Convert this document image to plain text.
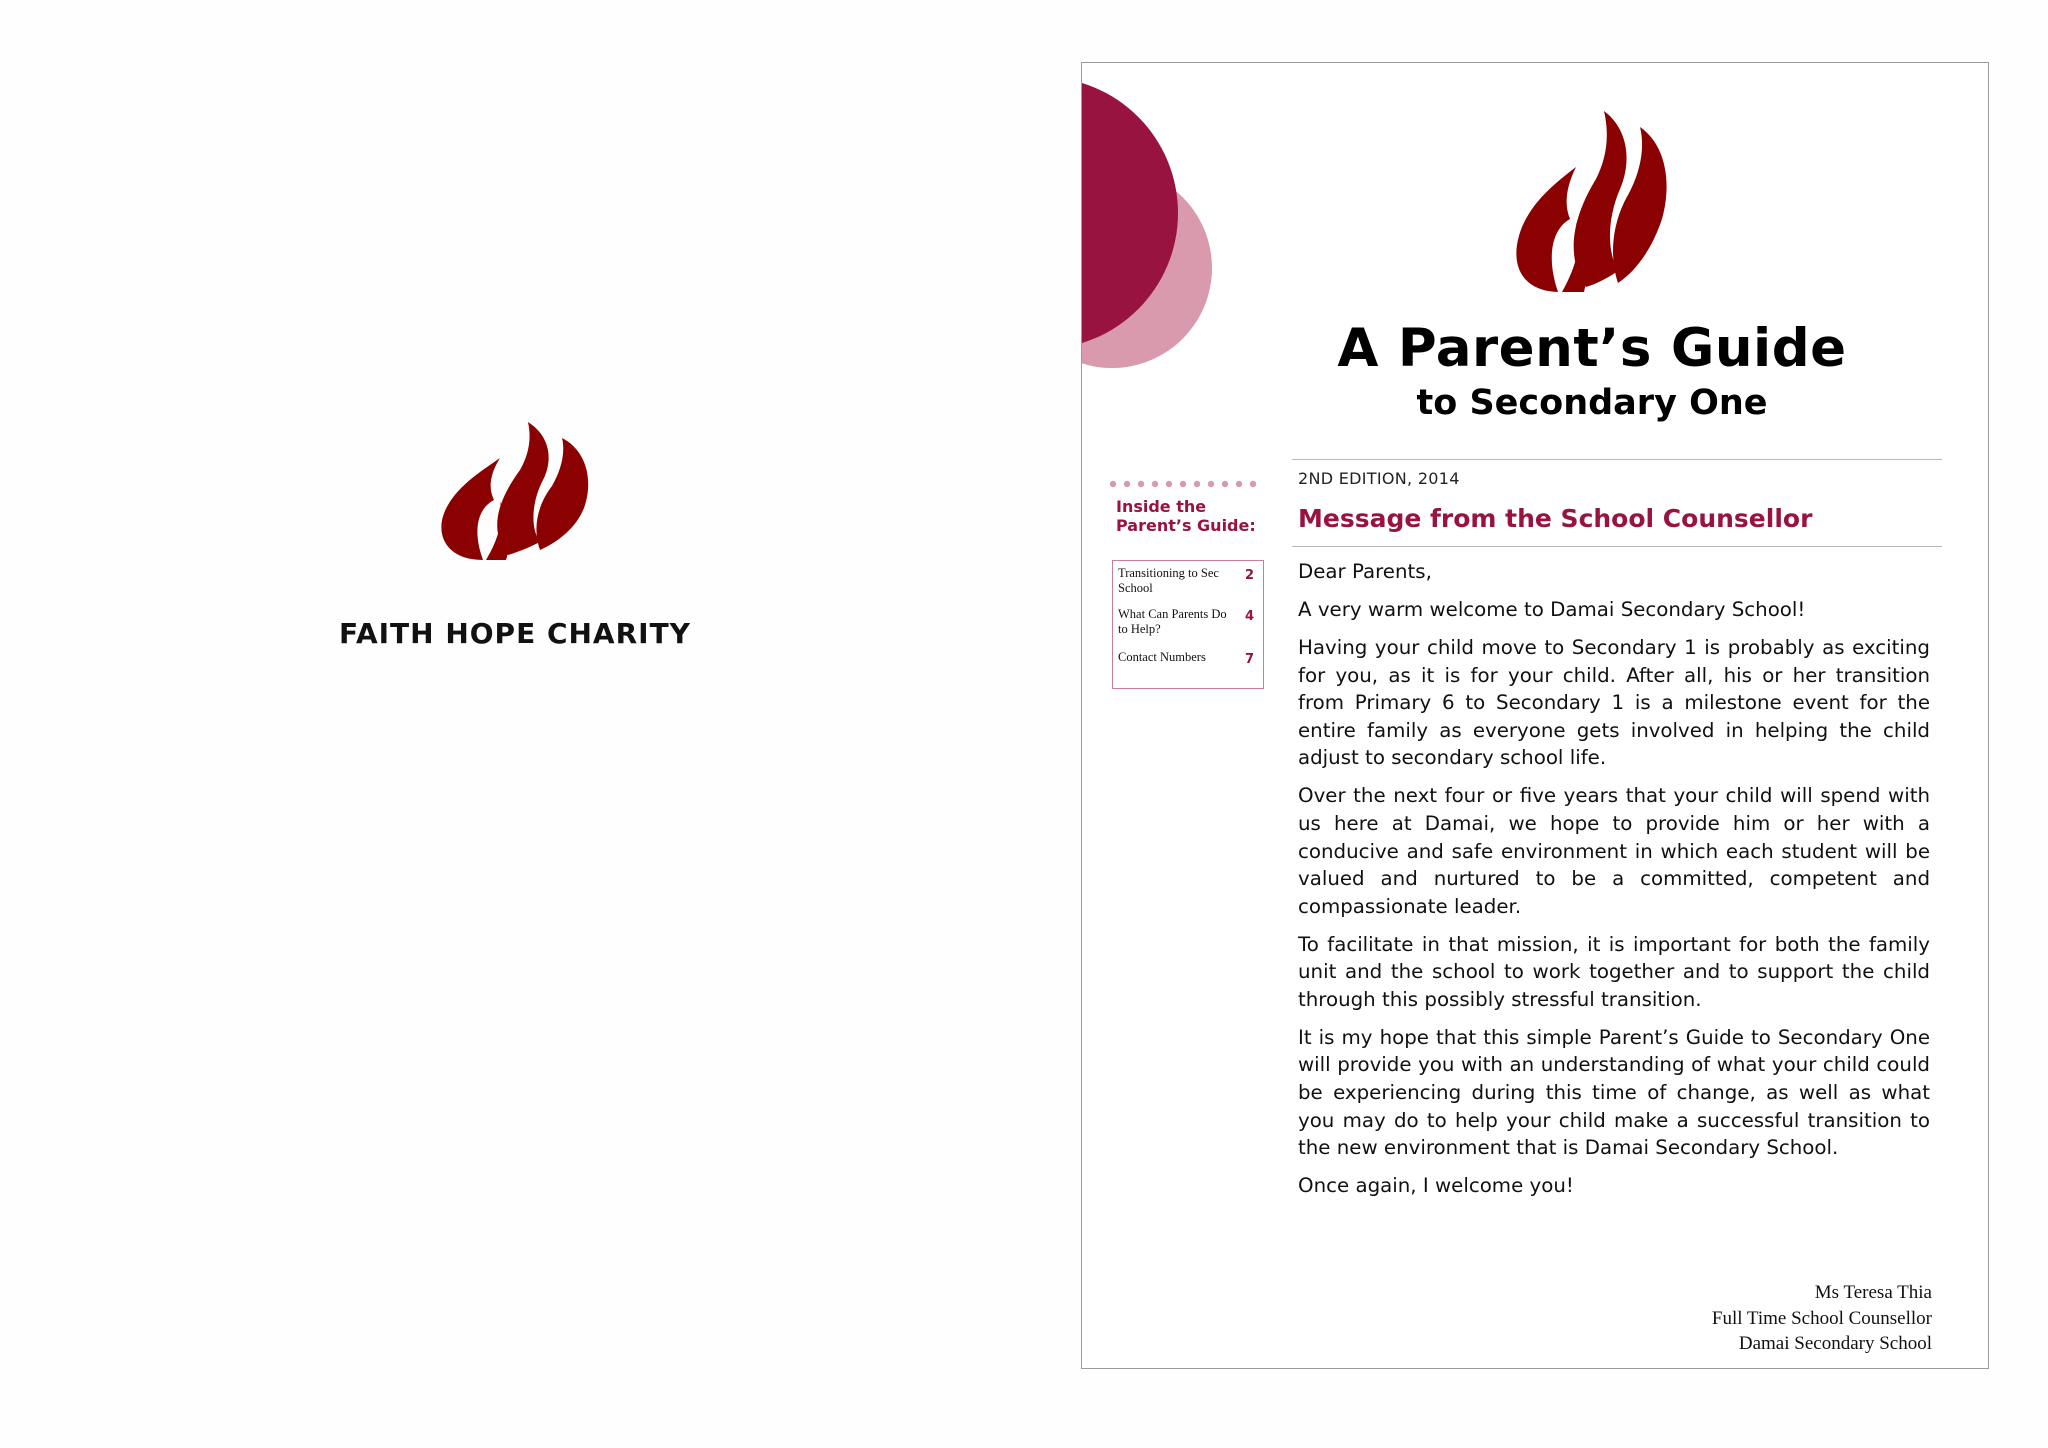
FAITH HOPE CHARITY
A Parent’s Guide
to Secondary One
2ND EDITION, 2014
Message from the School Counsellor
Inside the
Parent’s Guide:
Transitioning to Sec School
2
What Can Parents Do to Help?
4
Contact Numbers	7

Dear Parents,

A very warm welcome to Damai Secondary School!

Having your child move to Secondary 1 is probably as exciting for you, as it is for your child. After all, his or her transition from Primary 6 to Secondary 1 is a milestone event for the entire family as everyone gets involved in helping the child adjust to secondary school life.

Over the next four or five years that your child will spend with us here at Damai, we hope to provide him or her with a conducive and safe environment in which each student will be valued and nurtured to be a committed, competent and compassionate leader.

To facilitate in that mission, it is important for both the family unit and the school to work together and to support the child through this possibly stressful transition.

It is my hope that this simple Parent’s Guide to Secondary One will provide you with an understanding of what your child could be experiencing during this time of change, as well as what you may do to help your child make a successful transition to the new environment that is Damai Secondary School.

Once again, I welcome you!

Ms Teresa Thia
Full Time School Counsellor
Damai Secondary School
